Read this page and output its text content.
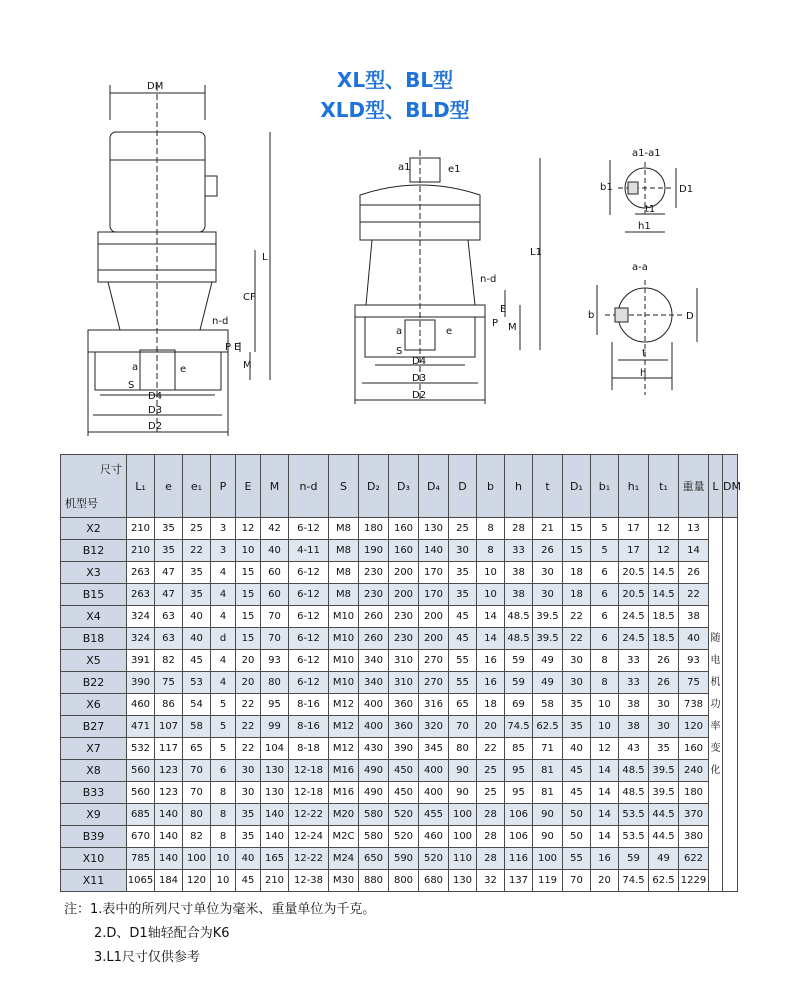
XL型、BL型
XLD型、BLD型
DM
L
CF
n-d
P E
M
a	e
S
D4
D3
D2
a1	e1
L1
n-d
P
E
M
a	e
S
D4
D3
D2
a1-a1
b1	D1
t1
h1
a-a
b	D
t
h
尺寸
机型号	L₁	e	e₁	P	E	M	n-d	S	D₂	D₃	D₄	D	b	h	t	D₁	b₁	h₁	t₁	重量	L	DM
X2	210	35	25	3	12	42	6-12	M8	180	160	130	25	8	28	21	15	5	17	12	13	随电机功率变化	
B12	210	35	22	3	10	40	4-11	M8	190	160	140	30	8	33	26	15	5	17	12	14		
X3	263	47	35	4	15	60	6-12	M8	230	200	170	35	10	38	30	18	6	20.5	14.5	26		
B15	263	47	35	4	15	60	6-12	M8	230	200	170	35	10	38	30	18	6	20.5	14.5	22		
X4	324	63	40	4	15	70	6-12	M10	260	230	200	45	14	48.5	39.5	22	6	24.5	18.5	38		
B18	324	63	40	d	15	70	6-12	M10	260	230	200	45	14	48.5	39.5	22	6	24.5	18.5	40		
X5	391	82	45	4	20	93	6-12	M10	340	310	270	55	16	59	49	30	8	33	26	93		
B22	390	75	53	4	20	80	6-12	M10	340	310	270	55	16	59	49	30	8	33	26	75		
X6	460	86	54	5	22	95	8-16	M12	400	360	316	65	18	69	58	35	10	38	30	738		
B27	471	107	58	5	22	99	8-16	M12	400	360	320	70	20	74.5	62.5	35	10	38	30	120		
X7	532	117	65	5	22	104	8-18	M12	430	390	345	80	22	85	71	40	12	43	35	160		
X8	560	123	70	6	30	130	12-18	M16	490	450	400	90	25	95	81	45	14	48.5	39.5	240		
B33	560	123	70	8	30	130	12-18	M16	490	450	400	90	25	95	81	45	14	48.5	39.5	180		
X9	685	140	80	8	35	140	12-22	M20	580	520	455	100	28	106	90	50	14	53.5	44.5	370		
B39	670	140	82	8	35	140	12-24	M2C	580	520	460	100	28	106	90	50	14	53.5	44.5	380		
X10	785	140	100	10	40	165	12-22	M24	650	590	520	110	28	116	100	55	16	59	49	622		
X11	1065	184	120	10	45	210	12-38	M30	880	800	680	130	32	137	119	70	20	74.5	62.5	1229		
注：1.表中的所列尺寸单位为毫米、重量单位为千克。
2.D、D1轴轻配合为K6
3.L1尺寸仅供参考
